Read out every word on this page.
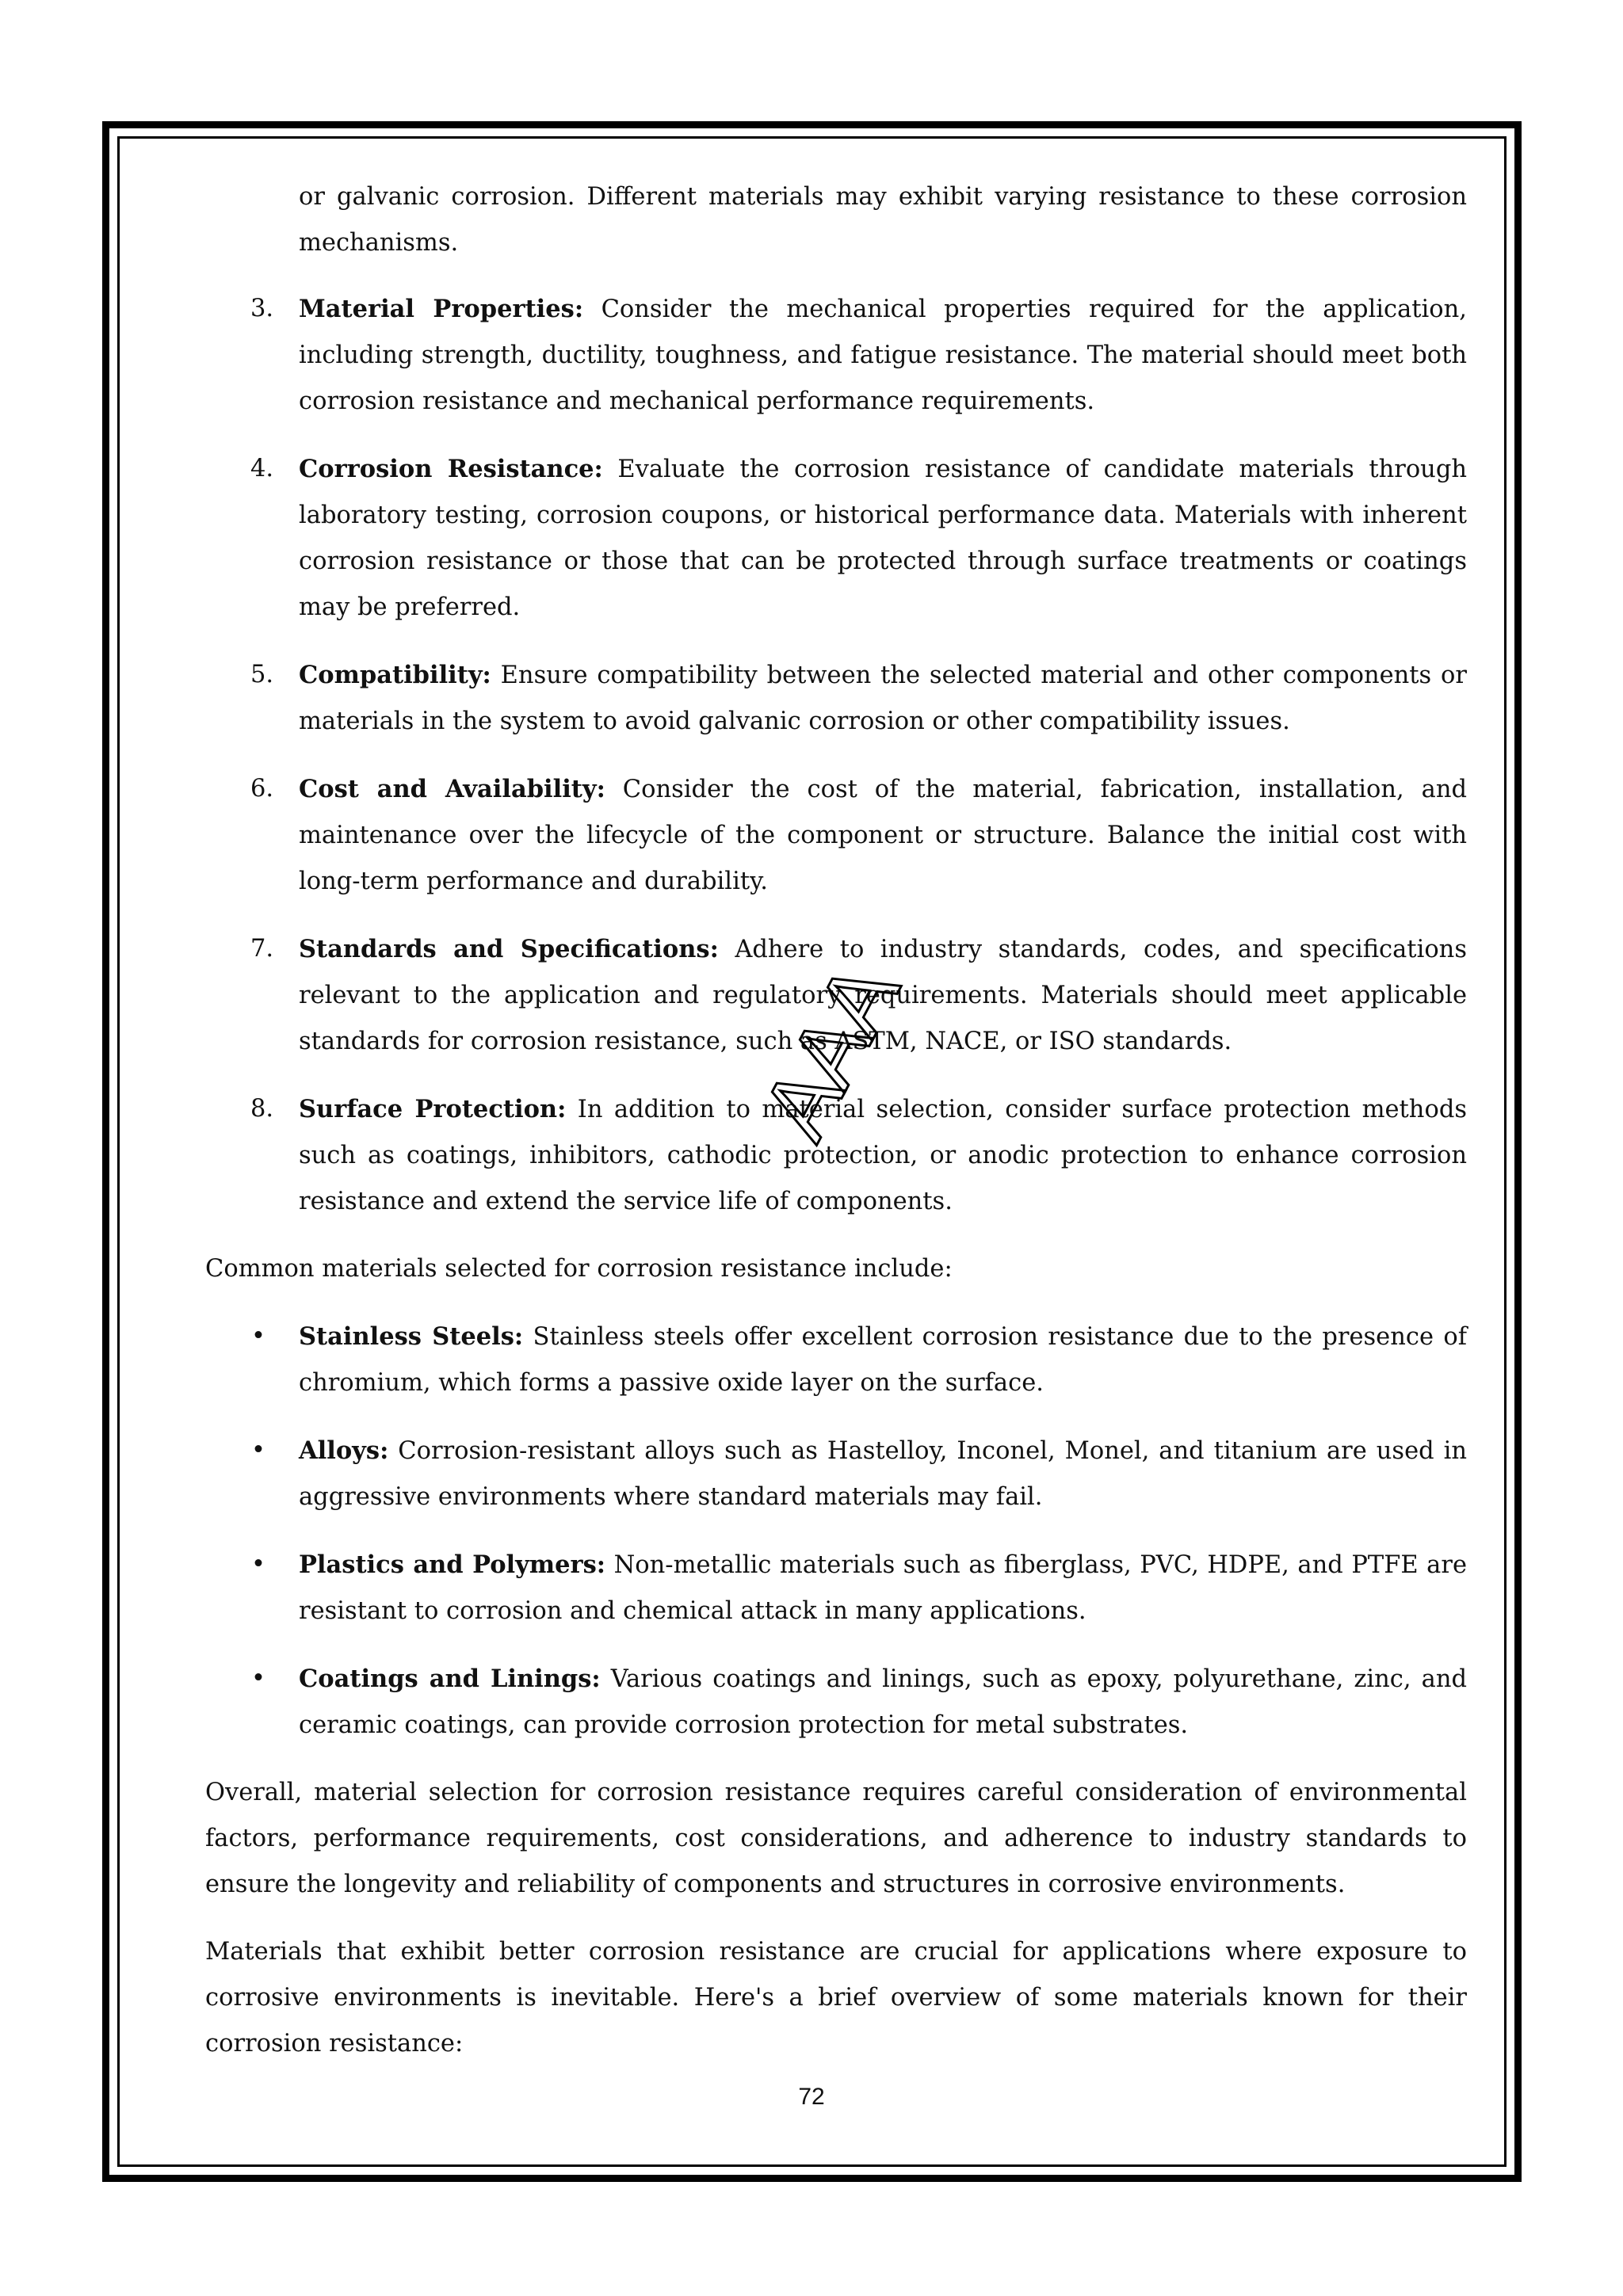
or galvanic corrosion. Different materials may exhibit varying resistance to these corrosion mechanisms.

3. Material Properties: Consider the mechanical properties required for the application, including strength, ductility, toughness, and fatigue resistance. The material should meet both corrosion resistance and mechanical performance requirements.
4. Corrosion Resistance: Evaluate the corrosion resistance of candidate materials through laboratory testing, corrosion coupons, or historical performance data. Materials with inherent corrosion resistance or those that can be protected through surface treatments or coatings may be preferred.
5. Compatibility: Ensure compatibility between the selected material and other components or materials in the system to avoid galvanic corrosion or other compatibility issues.
6. Cost and Availability: Consider the cost of the material, fabrication, installation, and maintenance over the lifecycle of the component or structure. Balance the initial cost with long-term performance and durability.
7. Standards and Specifications: Adhere to industry standards, codes, and specifications relevant to the application and regulatory requirements. Materials should meet applicable standards for corrosion resistance, such as ASTM, NACE, or ISO standards.
8. Surface Protection: In addition to material selection, consider surface protection methods such as coatings, inhibitors, cathodic protection, or anodic protection to enhance corrosion resistance and extend the service life of components.

Common materials selected for corrosion resistance include:

• Stainless Steels: Stainless steels offer excellent corrosion resistance due to the presence of chromium, which forms a passive oxide layer on the surface.
• Alloys: Corrosion-resistant alloys such as Hastelloy, Inconel, Monel, and titanium are used in aggressive environments where standard materials may fail.
• Plastics and Polymers: Non-metallic materials such as fiberglass, PVC, HDPE, and PTFE are resistant to corrosion and chemical attack in many applications.
• Coatings and Linings: Various coatings and linings, such as epoxy, polyurethane, zinc, and ceramic coatings, can provide corrosion protection for metal substrates.

Overall, material selection for corrosion resistance requires careful consideration of environmental factors, performance requirements, cost considerations, and adherence to industry standards to ensure the longevity and reliability of components and structures in corrosive environments.

Materials that exhibit better corrosion resistance are crucial for applications where exposure to corrosive environments is inevitable. Here's a brief overview of some materials known for their corrosion resistance:

AAA
72
